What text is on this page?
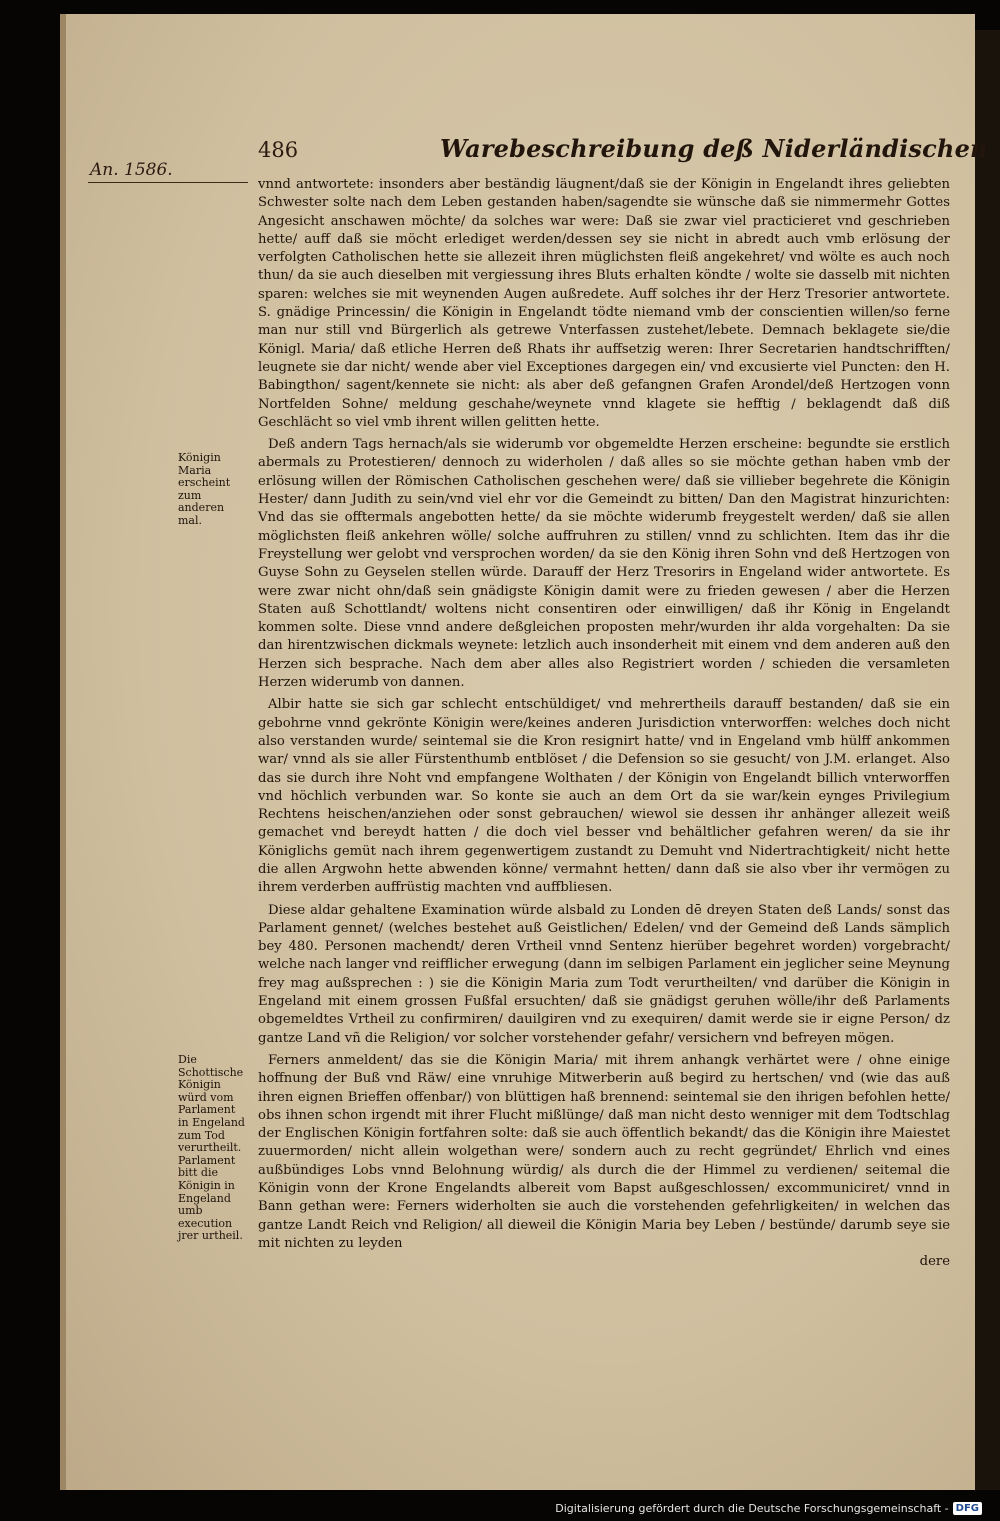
486	Warebeschreibung deß Niderländischen
An. 1586.
Königin Maria erscheint zum anderen mal.
Die Schottische Königin würd vom Parlament in Engeland zum Tod verurtheilt. Parlament bitt die Königin in Engeland umb execution jrer urtheil.

vnnd antwortete: insonders aber beständig läugnent/daß sie der Königin in Engelandt ihres geliebten Schwester solte nach dem Leben gestanden haben/sagendte sie wünsche daß sie nimmermehr Gottes Angesicht anschawen möchte/ da solches war were: Daß sie zwar viel practicieret vnd geschrieben hette/ auff daß sie möcht erlediget werden/dessen sey sie nicht in abredt auch vmb erlösung der verfolgten Catholischen hette sie allezeit ihren müglichsten fleiß angekehret/ vnd wölte es auch noch thun/ da sie auch dieselben mit vergiessung ihres Bluts erhalten köndte / wolte sie dasselb mit nichten sparen: welches sie mit weynenden Augen außredete. Auff solches ihr der Herz Tresorier antwortete. S. gnädige Princessin/ die Königin in Engelandt tödte niemand vmb der conscientien willen/so ferne man nur still vnd Bürgerlich als getrewe Vnterfassen zustehet/lebete. Demnach beklagete sie/die Königl. Maria/ daß etliche Herren deß Rhats ihr auffsetzig weren: Ihrer Secretarien handtschrifften/ leugnete sie dar nicht/ wende aber viel Exceptiones dargegen ein/ vnd excusierte viel Puncten: den H. Babingthon/ sagent/kennete sie nicht: als aber deß gefangnen Grafen Arondel/deß Hertzogen vonn Nortfelden Sohne/ meldung geschahe/weynete vnnd klagete sie hefftig / beklagendt daß diß Geschlächt so viel vmb ihrent willen gelitten hette.

Deß andern Tags hernach/als sie widerumb vor obgemeldte Herzen erscheine: begundte sie erstlich abermals zu Protestieren/ dennoch zu widerholen / daß alles so sie möchte gethan haben vmb der erlösung willen der Römischen Catholischen geschehen were/ daß sie villieber begehrete die Königin Hester/ dann Judith zu sein/vnd viel ehr vor die Gemeindt zu bitten/ Dan den Magistrat hinzurichten: Vnd das sie offtermals angebotten hette/ da sie möchte widerumb freygestelt werden/ daß sie allen möglichsten fleiß ankehren wölle/ solche auffruhren zu stillen/ vnnd zu schlichten. Item das ihr die Freystellung wer gelobt vnd versprochen worden/ da sie den König ihren Sohn vnd deß Hertzogen von Guyse Sohn zu Geyselen stellen würde. Darauff der Herz Tresorirs in Engeland wider antwortete. Es were zwar nicht ohn/daß sein gnädigste Königin damit were zu frieden gewesen / aber die Herzen Staten auß Schottlandt/ woltens nicht consentiren oder einwilligen/ daß ihr König in Engelandt kommen solte. Diese vnnd andere deßgleichen proposten mehr/wurden ihr alda vorgehalten: Da sie dan hirentzwischen dickmals weynete: letzlich auch insonderheit mit einem vnd dem anderen auß den Herzen sich besprache. Nach dem aber alles also Registriert worden / schieden die versamleten Herzen widerumb von dannen.

Albir hatte sie sich gar schlecht entschüldiget/ vnd mehrertheils darauff bestanden/ daß sie ein gebohrne vnnd gekrönte Königin were/keines anderen Jurisdiction vnterworffen: welches doch nicht also verstanden wurde/ seintemal sie die Kron resignirt hatte/ vnd in Engeland vmb hülff ankommen war/ vnnd als sie aller Fürstenthumb entblöset / die Defension so sie gesucht/ von J.M. erlanget. Also das sie durch ihre Noht vnd empfangene Wolthaten / der Königin von Engelandt billich vnterworffen vnd höchlich verbunden war. So konte sie auch an dem Ort da sie war/kein eynges Privilegium Rechtens heischen/anziehen oder sonst gebrauchen/ wiewol sie dessen ihr anhänger allezeit weiß gemachet vnd bereydt hatten / die doch viel besser vnd behältlicher gefahren weren/ da sie ihr Königlichs gemüt nach ihrem gegenwertigem zustandt zu Demuht vnd Nidertrachtigkeit/ nicht hette die allen Argwohn hette abwenden könne/ vermahnt hetten/ dann daß sie also vber ihr vermögen zu ihrem verderben auffrüstig machten vnd auffbliesen.

Diese aldar gehaltene Examination würde alsbald zu Londen dē dreyen Staten deß Lands/ sonst das Parlament gennet/ (welches bestehet auß Geistlichen/ Edelen/ vnd der Gemeind deß Lands sämplich bey 480. Personen machendt/ deren Vrtheil vnnd Sentenz hierüber begehret worden) vorgebracht/ welche nach langer vnd reifflicher erwegung (dann im selbigen Parlament ein jeglicher seine Meynung frey mag außsprechen : ) sie die Königin Maria zum Todt verurtheilten/ vnd darüber die Königin in Engeland mit einem grossen Fußfal ersuchten/ daß sie gnädigst geruhen wölle/ihr deß Parlaments obgemeldtes Vrtheil zu confirmiren/ dauilgiren vnd zu exequiren/ damit werde sie ir eigne Person/ dz gantze Land vñ die Religion/ vor solcher vorstehender gefahr/ versichern vnd befreyen mögen.

Ferners anmeldent/ das sie die Königin Maria/ mit ihrem anhangk verhärtet were / ohne einige hoffnung der Buß vnd Räw/ eine vnruhige Mitwerberin auß begird zu hertschen/ vnd (wie das auß ihren eignen Brieffen offenbar/) von blüttigen haß brennend: seintemal sie den ihrigen befohlen hette/ obs ihnen schon irgendt mit ihrer Flucht mißlünge/ daß man nicht desto wenniger mit dem Todtschlag der Englischen Königin fortfahren solte: daß sie auch öffentlich bekandt/ das die Königin ihre Maiestet zuuermorden/ nicht allein wolgethan were/ sondern auch zu recht gegründet/ Ehrlich vnd eines außbündiges Lobs vnnd Belohnung würdig/ als durch die der Himmel zu verdienen/ seitemal die Königin vonn der Krone Engelandts albereit vom Bapst außgeschlossen/ excommuniciret/ vnnd in Bann gethan were: Ferners widerholten sie auch die vorstehenden gefehrligkeiten/ in welchen das gantze Landt Reich vnd Religion/ all dieweil die Königin Maria bey Leben / bestünde/ darumb seye sie mit nichten zu leyden

dere

Digitalisierung gefördert durch die Deutsche Forschungsgemeinschaft - DFG
